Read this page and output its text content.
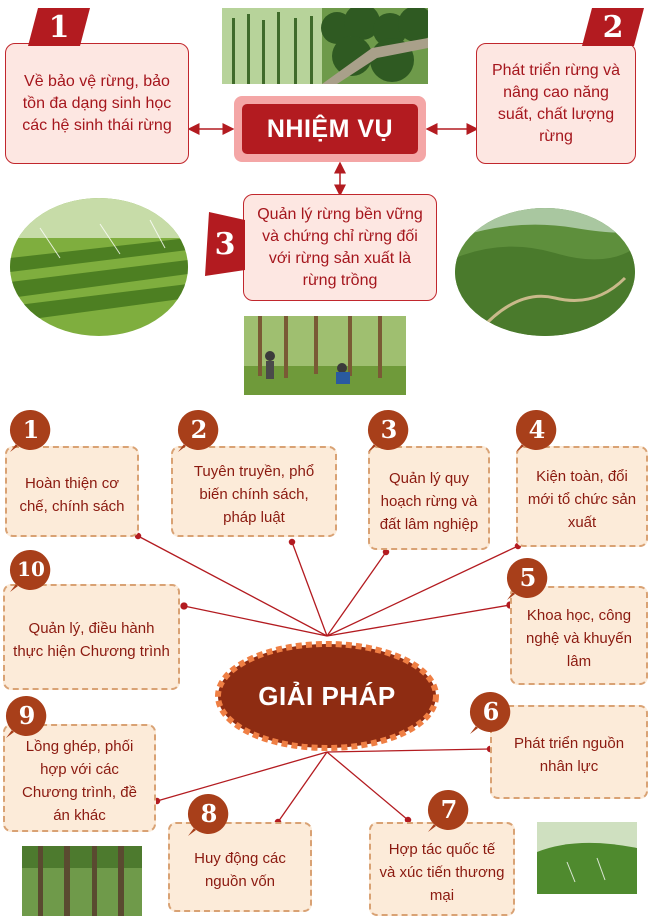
NHIỆM VỤ
Về bảo vệ rừng, bảo tồn đa dạng sinh học các hệ sinh thái rừng
1
Phát triển rừng và nâng cao năng suất, chất lượng rừng
2
Quản lý rừng bền vững và chứng chỉ rừng đối với rừng sản xuất là rừng trồng
3
GIẢI PHÁP
Hoàn thiện cơ chế, chính sách
Tuyên truyền, phổ biến chính sách, pháp luật
Quản lý quy hoạch rừng và đất lâm nghiệp
Kiện toàn, đổi mới tổ chức sản xuất
Quản lý, điều hành thực hiện Chương trình
Khoa học, công nghệ và khuyến lâm
Lồng ghép, phối hợp với các Chương trình, đề án khác
Phát triển nguồn nhân lực
Huy động các nguồn vốn
Hợp tác quốc tế và xúc tiến thương mại
1	2	3	4
10	5
9	6
8	7
